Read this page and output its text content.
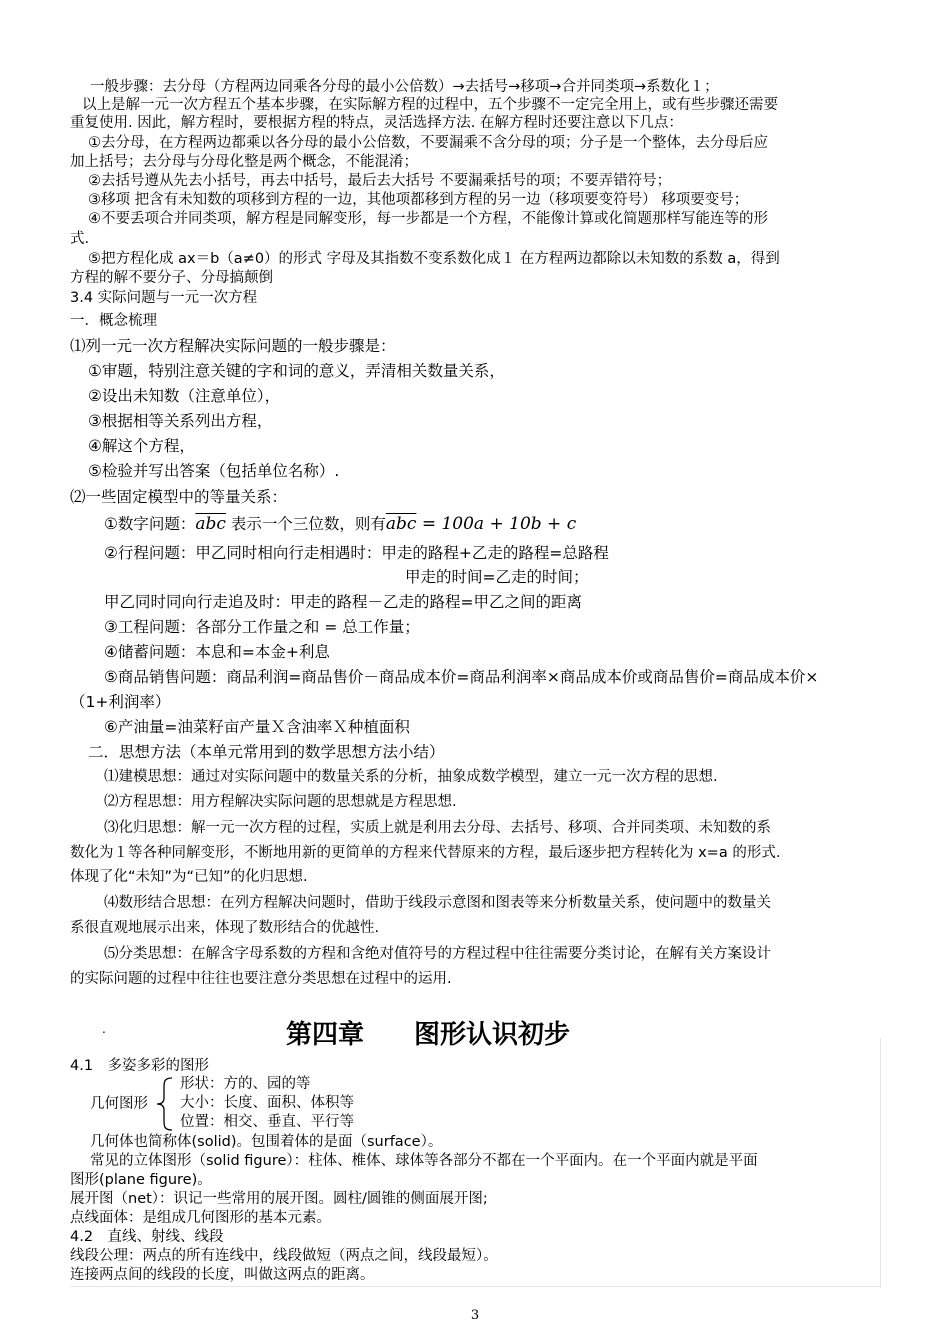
一般步骤：去分母（方程两边同乘各分母的最小公倍数）→去括号→移项→合并同类项→系数化１；
以上是解一元一次方程五个基本步骤，在实际解方程的过程中，五个步骤不一定完全用上，或有些步骤还需要
重复使用. 因此，解方程时，要根据方程的特点，灵活选择方法. 在解方程时还要注意以下几点：
①去分母，在方程两边都乘以各分母的最小公倍数，不要漏乘不含分母的项；分子是一个整体，去分母后应
加上括号；去分母与分母化整是两个概念，不能混淆；
②去括号遵从先去小括号，再去中括号，最后去大括号 不要漏乘括号的项；不要弄错符号；
③移项 把含有未知数的项移到方程的一边，其他项都移到方程的另一边（移项要变符号） 移项要变号；
④不要丢项合并同类项，解方程是同解变形，每一步都是一个方程，不能像计算或化简题那样写能连等的形
式.
⑤把方程化成 ax＝b（a≠0）的形式 字母及其指数不变系数化成１ 在方程两边都除以未知数的系数 a，得到
方程的解不要分子、分母搞颠倒
3.4 实际问题与一元一次方程
一．概念梳理
⑴列一元一次方程解决实际问题的一般步骤是：
①审题，特别注意关键的字和词的意义，弄清相关数量关系，
②设出未知数（注意单位），
③根据相等关系列出方程，
④解这个方程，
⑤检验并写出答案（包括单位名称）.
⑵一些固定模型中的等量关系：
①数字问题：$\overline{abc}$ 表示一个三位数，则有$\overline{abc} = 100a + 10b + c$
②行程问题：甲乙同时相向行走相遇时：甲走的路程+乙走的路程=总路程
甲走的时间=乙走的时间；
甲乙同时同向行走追及时：甲走的路程－乙走的路程=甲乙之间的距离
③工程问题：各部分工作量之和 = 总工作量；
④储蓄问题：本息和=本金+利息
⑤商品销售问题：商品利润=商品售价－商品成本价=商品利润率×商品成本价或商品售价=商品成本价×
（1+利润率）
⑥产油量=油菜籽亩产量Ｘ含油率Ｘ种植面积
二．思想方法（本单元常用到的数学思想方法小结）
⑴建模思想：通过对实际问题中的数量关系的分析，抽象成数学模型，建立一元一次方程的思想.
⑵方程思想：用方程解决实际问题的思想就是方程思想.
⑶化归思想：解一元一次方程的过程，实质上就是利用去分母、去括号、移项、合并同类项、未知数的系
数化为１等各种同解变形，不断地用新的更简单的方程来代替原来的方程，最后逐步把方程转化为 x=a 的形式.
体现了化“未知”为“已知”的化归思想.
⑷数形结合思想：在列方程解决问题时，借助于线段示意图和图表等来分析数量关系，使问题中的数量关
系很直观地展示出来，体现了数形结合的优越性.
⑸分类思想：在解含字母系数的方程和含绝对值符号的方程过程中往往需要分类讨论，在解有关方案设计
的实际问题的过程中往往也要注意分类思想在过程中的运用.
.	第四章 图形认识初步
4.1　多姿多彩的图形
几何图形
形状：方的、园的等
大小：长度、面积、体积等
位置：相交、垂直、平行等
几何体也简称体(solid)。包围着体的是面（surface）。
常见的立体图形（solid figure）：柱体、椎体、球体等各部分不都在一个平面内。在一个平面内就是平面
图形(plane figure)。
展开图（net）：识记一些常用的展开图。圆柱/圆锥的侧面展开图;
点线面体：是组成几何图形的基本元素。
4.2　直线、射线、线段
线段公理：两点的所有连线中，线段做短（两点之间，线段最短）。
连接两点间的线段的长度，叫做这两点的距离。
3
